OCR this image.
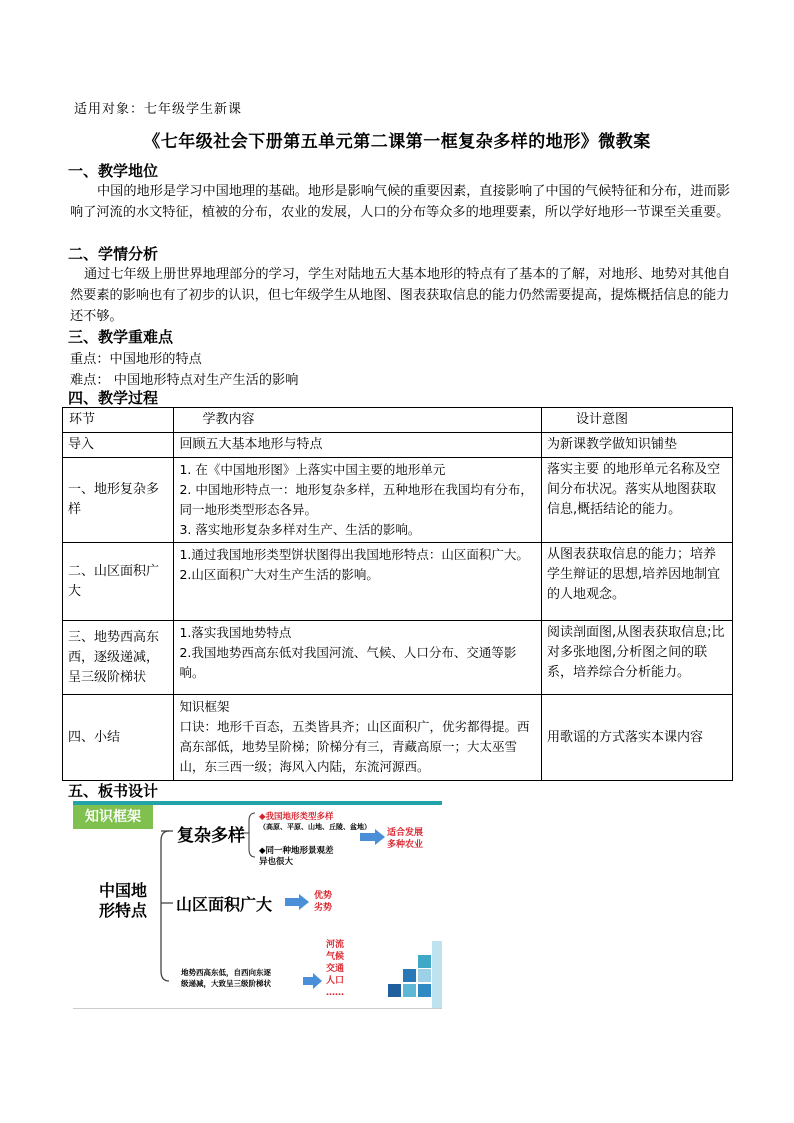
适用对象：七年级学生新课
《七年级社会下册第五单元第二课第一框复杂多样的地形》微教案
一、教学地位
中国的地形是学习中国地理的基础。地形是影响气候的重要因素，直接影响了中国的气候特征和分布，进而影响了河流的水文特征，植被的分布，农业的发展，人口的分布等众多的地理要素，所以学好地形一节课至关重要。
二、学情分析
通过七年级上册世界地理部分的学习，学生对陆地五大基本地形的特点有了基本的了解，对地形、地势对其他自然要素的影响也有了初步的认识，但七年级学生从地图、图表获取信息的能力仍然需要提高，提炼概括信息的能力还不够。
三、教学重难点
重点：中国地形的特点
难点： 中国地形特点对生产生活的影响
四、教学过程
环节	学教内容	设计意图
导入	回顾五大基本地形与特点	为新课教学做知识铺垫
一、地形复杂多样	1. 在《中国地形图》上落实中国主要的地形单元
2. 中国地形特点一：地形复杂多样，五种地形在我国均有分布，同一地形类型形态各异。
3. 落实地形复杂多样对生产、生活的影响。	落实主要 的地形单元名称及空间分布状况。落实从地图获取信息,概括结论的能力。
二、山区面积广大	1.通过我国地形类型饼状图得出我国地形特点：山区面积广大。
2.山区面积广大对生产生活的影响。	从图表获取信息的能力；培养学生辩证的思想,培养因地制宜的人地观念。
三、地势西高东西，逐级递减，呈三级阶梯状	1.落实我国地势特点
2.我国地势西高东低对我国河流、气候、人口分布、交通等影响。	阅读剖面图,从图表获取信息;比对多张地图,分析图之间的联系，培养综合分析能力。
四、小结	知识框架
口诀：地形千百态，五类皆具齐；山区面积广，优劣都得提。西高东部低，地势呈阶梯；阶梯分有三，青藏高原一；大太巫雪山，东三西一级；海风入内陆，东流河源西。	用歌谣的方式落实本课内容
五、板书设计
知识框架
中国地
形特点
复杂多样
◆我国地形类型多样
（高原、平原、山地、丘陵、盆地）
◆同一种地形景观差
异也很大
适合发展
多种农业
山区面积广大	优势
劣势
地势西高东低，自西向东逐
级递减，大致呈三级阶梯状
河流
气候
交通
人口
……
